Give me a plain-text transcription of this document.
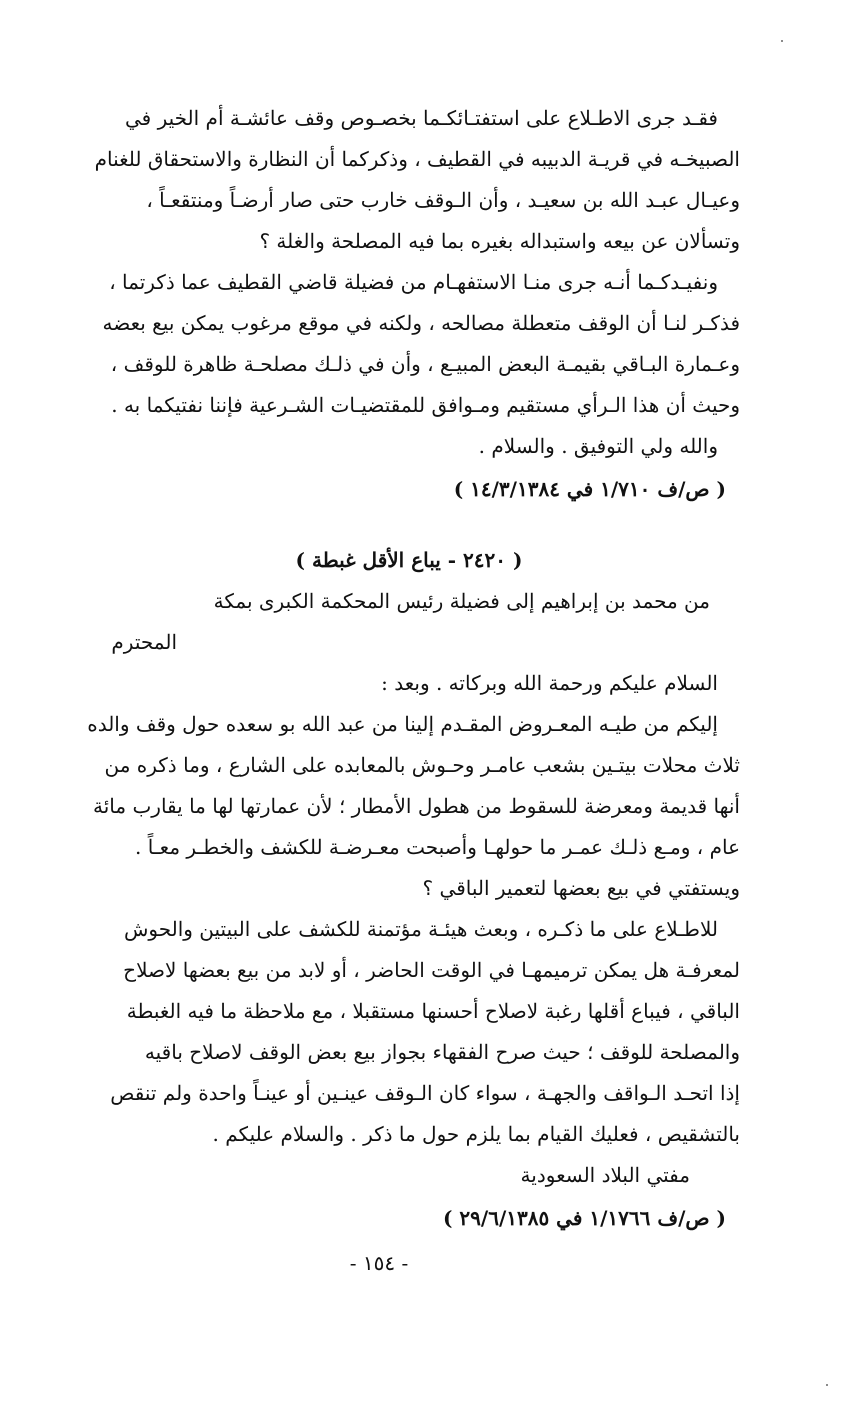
فقـد جرى الاطـلاع على استفتـائكـما بخصـوص وقف عائشـة أم الخير في
الصبيخـه في قريـة الدبيبه في القطيف ، وذكركما أن النظارة والاستحقاق للغنام
وعيـال عبـد الله بن سعيـد ، وأن الـوقف خارب حتى صار أرضـاً ومنتقعـاً ،
وتسألان عن بيعه واستبداله بغيره بما فيه المصلحة والغلة ؟
ونفيـدكـما أنـه جرى منـا الاستفهـام من فضيلة قاضي القطيف عما ذكرتما ،
فذكـر لنـا أن الوقف متعطلة مصالحه ، ولكنه في موقع مرغوب يمكن بيع بعضه
وعـمارة البـاقي بقيمـة البعض المبيـع ، وأن في ذلـك مصلحـة ظاهرة للوقف ،
وحيث أن هذا الـرأي مستقيم ومـوافق للمقتضيـات الشـرعية فإننا نفتيكما به .
والله ولي التوفيق . والسلام .
( ص/ف ١/٧١٠ في ١٤/٣/١٣٨٤ )
( ٢٤٢٠ - يباع الأقل غبطة )
من محمد بن إبراهيم إلى فضيلة رئيس المحكمة الكبرى بمكة
المحترم
السلام عليكم ورحمة الله وبركاته . وبعد :
إليكم من طيـه المعـروض المقـدم إلينا من عبد الله بو سعده حول وقف والده
ثلاث محلات بيتـين بشعب عامـر وحـوش بالمعابده على الشارع ، وما ذكره من
أنها قديمة ومعرضة للسقوط من هطول الأمطار ؛ لأن عمارتها لها ما يقارب مائة
عام ، ومـع ذلـك عمـر ما حولهـا وأصبحت معـرضـة للكشف والخطـر معـاً .
ويستفتي في بيع بعضها لتعمير الباقي ؟
للاطـلاع على ما ذكـره ، وبعث هيئـة مؤتمنة للكشف على البيتين والحوش
لمعرفـة هل يمكن ترميمهـا في الوقت الحاضر ، أو لابد من بيع بعضها لاصلاح
الباقي ، فيباع أقلها رغبة لاصلاح أحسنها مستقبلا ، مع ملاحظة ما فيه الغبطة
والمصلحة للوقف ؛ حيث صرح الفقهاء بجواز بيع بعض الوقف لاصلاح باقيه
إذا اتحـد الـواقف والجهـة ، سواء كان الـوقف عينـين أو عينـاً واحدة ولم تنقص
بالتشقيص ، فعليك القيام بما يلزم حول ما ذكر . والسلام عليكم .
مفتي البلاد السعودية
( ص/ف ١/١٧٦٦ في ٢٩/٦/١٣٨٥ )
- ١٥٤ -
